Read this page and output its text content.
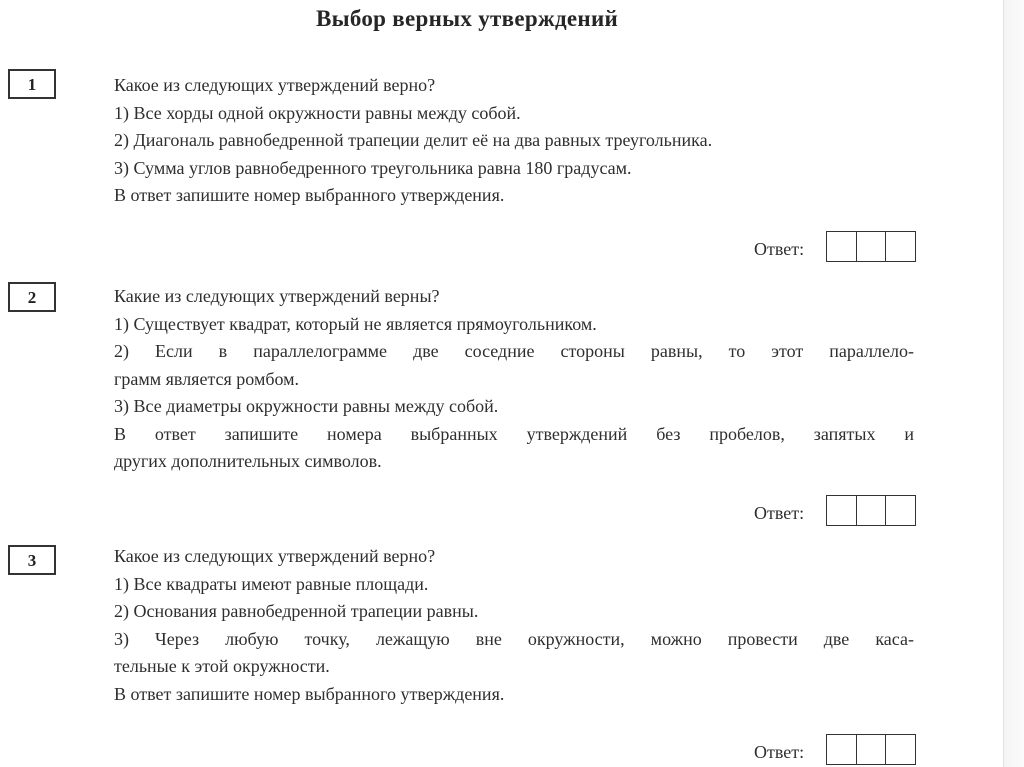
Выбор верных утверждений
1	Какое из следующих утверждений верно?
1) Все хорды одной окружности равны между собой.
2) Диагональ равнобедренной трапеции делит её на два равных треугольника.
3) Сумма углов равнобедренного треугольника равна 180 градусам.
В ответ запишите номер выбранного утверждения.
Ответ:
2	Какие из следующих утверждений верны?
1) Существует квадрат, который не является прямоугольником.
2) Если в параллелограмме две соседние стороны равны, то этот параллело-
грамм является ромбом.
3) Все диаметры окружности равны между собой.
В ответ запишите номера выбранных утверждений без пробелов, запятых и
других дополнительных символов.
Ответ:
3	Какое из следующих утверждений верно?
1) Все квадраты имеют равные площади.
2) Основания равнобедренной трапеции равны.
3) Через любую точку, лежащую вне окружности, можно провести две каса-
тельные к этой окружности.
В ответ запишите номер выбранного утверждения.
Ответ:
